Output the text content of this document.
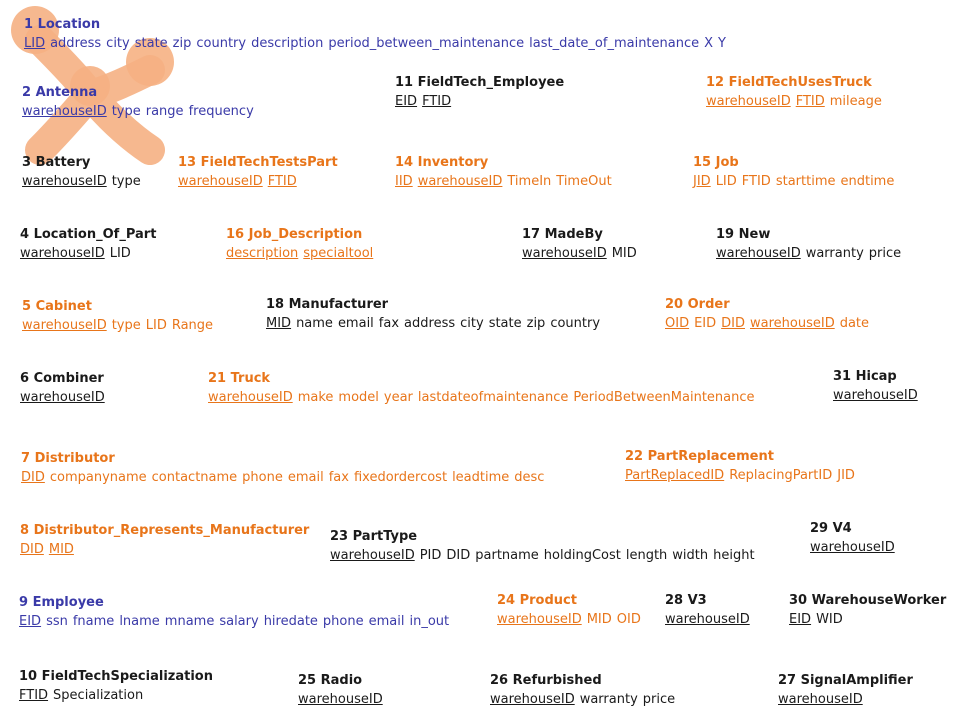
1 Location
LID address city state zip country description period_between_maintenance last_date_of_maintenance X Y
2 Antenna
warehouseID type range frequency
3 Battery
warehouseID type
4 Location_Of_Part
warehouseID LID
5 Cabinet
warehouseID type LID Range
6 Combiner
warehouseID
7 Distributor
DID companyname contactname phone email fax fixedordercost leadtime desc
8 Distributor_Represents_Manufacturer
DID MID
9 Employee
EID ssn fname lname mname salary hiredate phone email in_out
10 FieldTechSpecialization
FTID Specialization
11 FieldTech_Employee
EID FTID
12 FieldTechUsesTruck
warehouseID FTID mileage
13 FieldTechTestsPart
warehouseID FTID
14 Inventory
IID warehouseID TimeIn TimeOut
15 Job
JID LID FTID starttime endtime
16 Job_Description
description specialtool
17 MadeBy
warehouseID MID
18 Manufacturer
MID name email fax address city state zip country
19 New
warehouseID warranty price
20 Order
OID EID DID warehouseID date
21 Truck
warehouseID make model year lastdateofmaintenance PeriodBetweenMaintenance
22 PartReplacement
PartReplacedID ReplacingPartID JID
23 PartType
warehouseID PID DID partname holdingCost length width height
24 Product
warehouseID MID OID
25 Radio
warehouseID
26 Refurbished
warehouseID warranty price
27 SignalAmplifier
warehouseID
28 V3
warehouseID
29 V4
warehouseID
30 WarehouseWorker
EID WID
31 Hicap
warehouseID
